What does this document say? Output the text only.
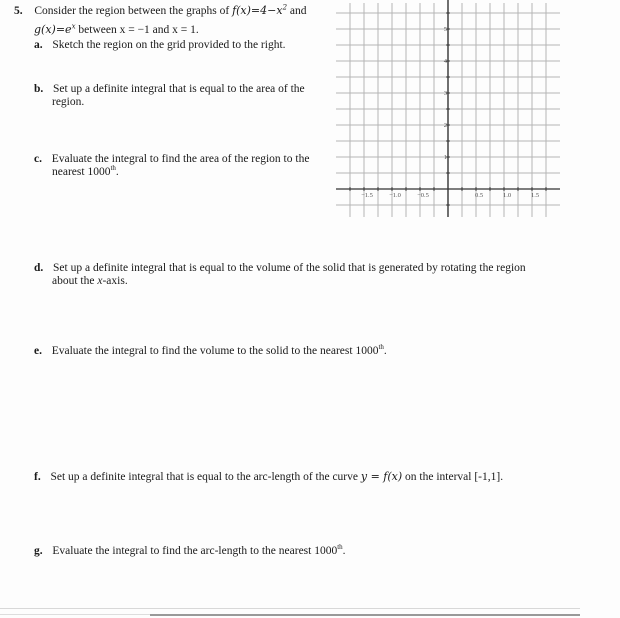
5. Consider the region between the graphs of $f(x)=4-x^2$ and
$g(x)=e^x$ between x = −1 and x = 1.
a. Sketch the region on the grid provided to the right.
b. Set up a definite integral that is equal to the area of the
region.
c. Evaluate the integral to find the area of the region to the
nearest 1000th.
−1.5 −1.0 −0.5	0.5	1.0	1.5
5
4
3
2
1
d. Set up a definite integral that is equal to the volume of the solid that is generated by rotating the region
about the x-axis.
e. Evaluate the integral to find the volume to the solid to the nearest 1000th.
f. Set up a definite integral that is equal to the arc-length of the curve y = f(x) on the interval [-1,1].
g. Evaluate the integral to find the arc-length to the nearest 1000th.
